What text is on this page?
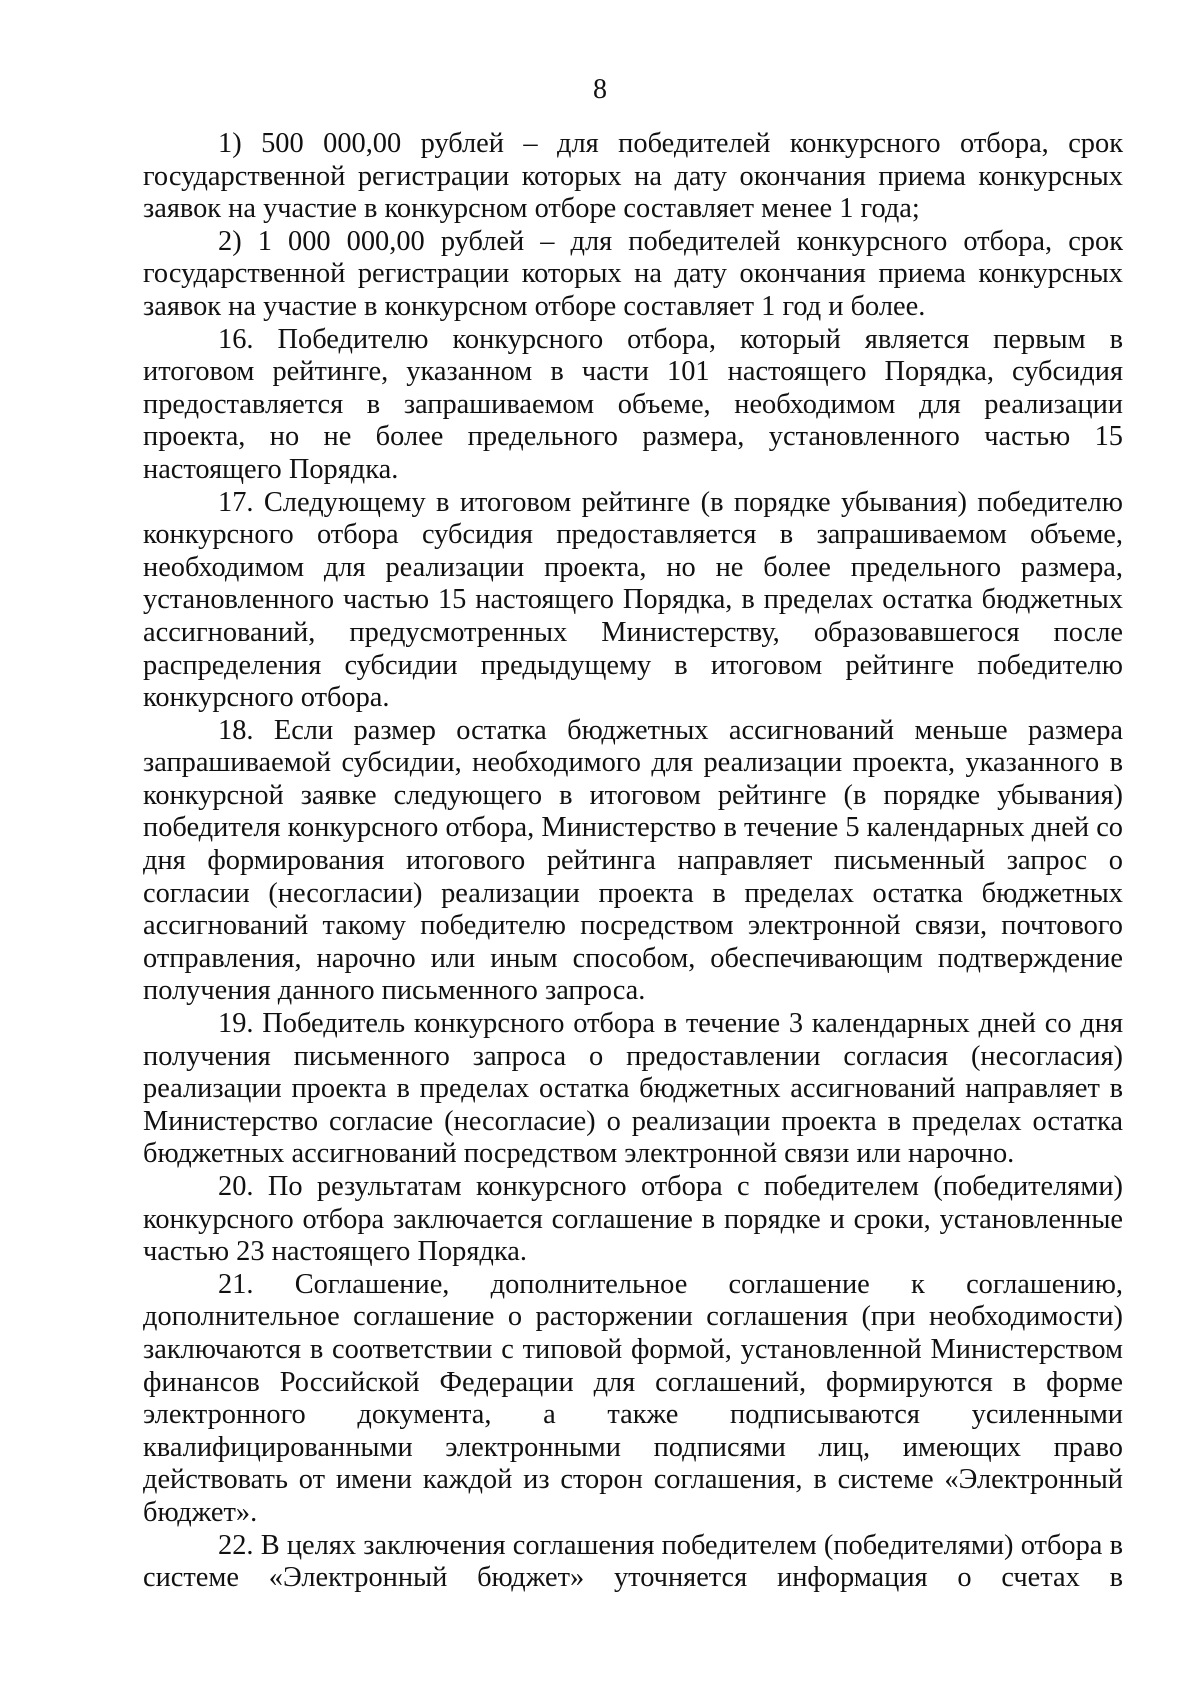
8

1) 500 000,00 рублей – для победителей конкурсного отбора, срок государственной регистрации которых на дату окончания приема конкурсных заявок на участие в конкурсном отборе составляет менее 1 года;

2) 1 000 000,00 рублей – для победителей конкурсного отбора, срок государственной регистрации которых на дату окончания приема конкурсных заявок на участие в конкурсном отборе составляет 1 год и более.

16. Победителю конкурсного отбора, который является первым в итоговом рейтинге, указанном в части 101 настоящего Порядка, субсидия предоставляется в запрашиваемом объеме, необходимом для реализации проекта, но не более предельного размера, установленного частью 15 настоящего Порядка.

17. Следующему в итоговом рейтинге (в порядке убывания) победителю конкурсного отбора субсидия предоставляется в запрашиваемом объеме, необходимом для реализации проекта, но не более предельного размера, установленного частью 15 настоящего Порядка, в пределах остатка бюджетных ассигнований, предусмотренных Министерству, образовавшегося после распределения субсидии предыдущему в итоговом рейтинге победителю конкурсного отбора.

18. Если размер остатка бюджетных ассигнований меньше размера запрашиваемой субсидии, необходимого для реализации проекта, указанного в конкурсной заявке следующего в итоговом рейтинге (в порядке убывания) победителя конкурсного отбора, Министерство в течение 5 календарных дней со дня формирования итогового рейтинга направляет письменный запрос о согласии (несогласии) реализации проекта в пределах остатка бюджетных ассигнований такому победителю посредством электронной связи, почтового отправления, нарочно или иным способом, обеспечивающим подтверждение получения данного письменного запроса.

19. Победитель конкурсного отбора в течение 3 календарных дней со дня получения письменного запроса о предоставлении согласия (несогласия) реализации проекта в пределах остатка бюджетных ассигнований направляет в Министерство согласие (несогласие) о реализации проекта в пределах остатка бюджетных ассигнований посредством электронной связи или нарочно.

20. По результатам конкурсного отбора с победителем (победителями) конкурсного отбора заключается соглашение в порядке и сроки, установленные частью 23 настоящего Порядка.

21. Соглашение, дополнительное соглашение к соглашению, дополнительное соглашение о расторжении соглашения (при необходимости) заключаются в соответствии с типовой формой, установленной Министерством финансов Российской Федерации для соглашений, формируются в форме электронного документа, а также подписываются усиленными квалифицированными электронными подписями лиц, имеющих право действовать от имени каждой из сторон соглашения, в системе «Электронный бюджет».

22. В целях заключения соглашения победителем (победителями) отбора в системе «Электронный бюджет» уточняется информация о счетах в
